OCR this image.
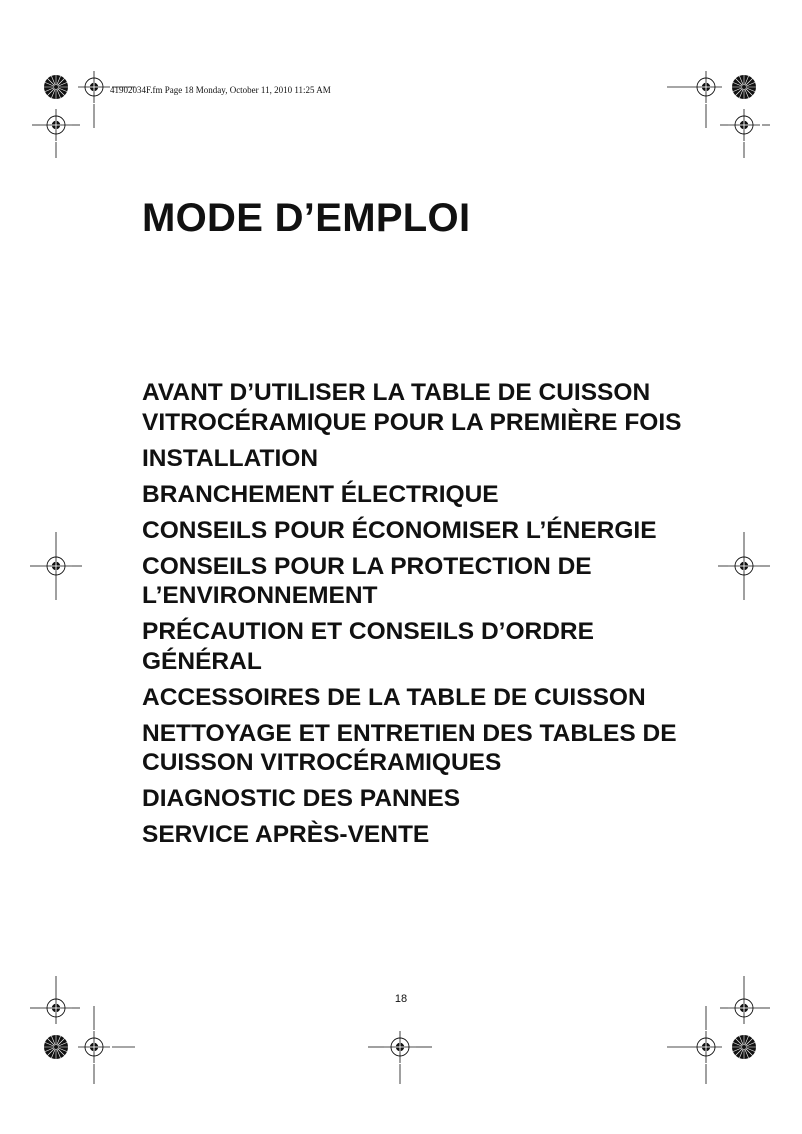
41902034F.fm Page 18 Monday, October 11, 2010 11:25 AM
MODE D’EMPLOI
AVANT D’UTILISER LA TABLE DE CUISSON VITROCÉRAMIQUE POUR LA PREMIÈRE FOIS
INSTALLATION
BRANCHEMENT ÉLECTRIQUE
CONSEILS POUR ÉCONOMISER L’ÉNERGIE
CONSEILS POUR LA PROTECTION DE L’ENVIRONNEMENT
PRÉCAUTION ET CONSEILS D’ORDRE GÉNÉRAL
ACCESSOIRES DE LA TABLE DE CUISSON
NETTOYAGE ET ENTRETIEN DES TABLES DE CUISSON VITROCÉRAMIQUES
DIAGNOSTIC DES PANNES
SERVICE APRÈS-VENTE
18
